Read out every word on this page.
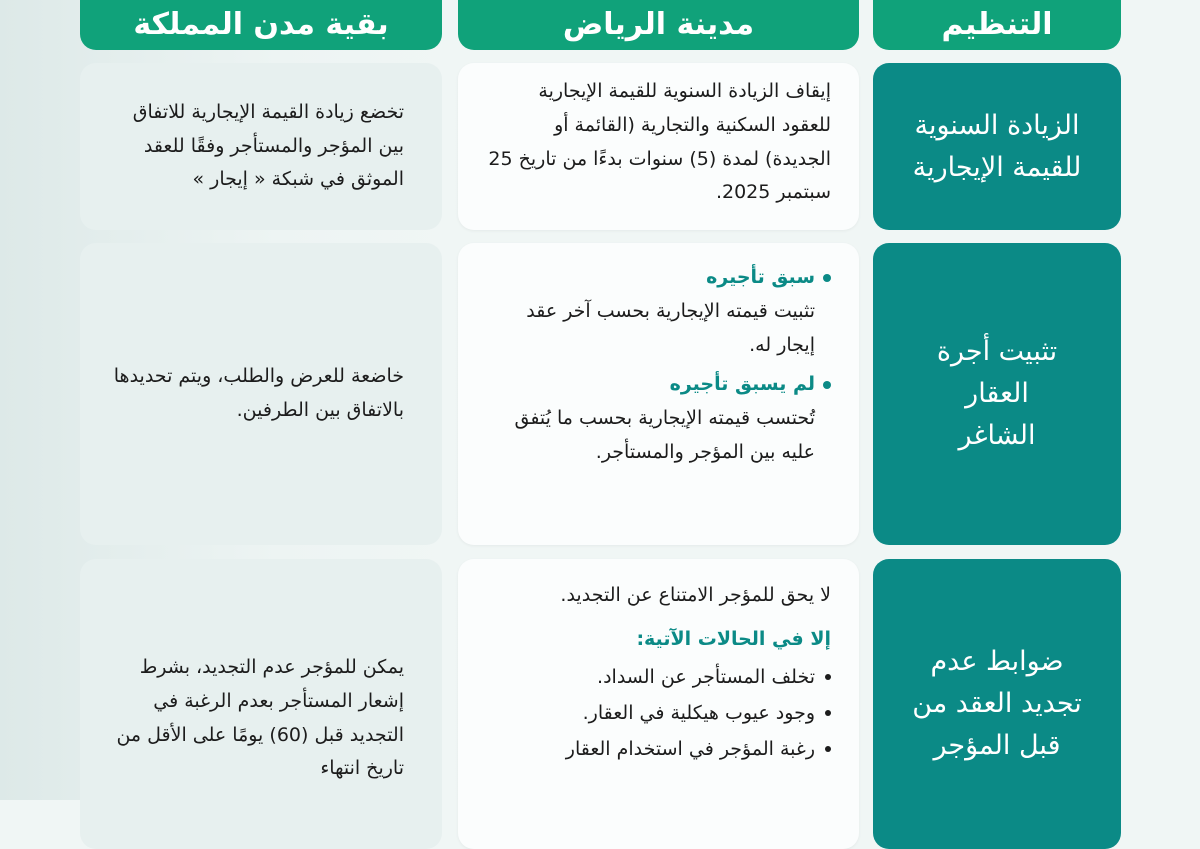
التنظيم
مدينة الرياض
بقية مدن المملكة
الزيادة السنوية للقيمة الإيجارية
إيقاف الزيادة السنوية للقيمة الإيجارية للعقود السكنية والتجارية (القائمة أو الجديدة) لمدة (5) سنوات بدءًا من تاريخ 25 سبتمبر 2025.
تخضع زيادة القيمة الإيجارية للاتفاق بين المؤجر والمستأجر وفقًا للعقد الموثق في شبكة « إيجار »
تثبيت أجرة العقار الشاغر
سبق تأجيره
تثبيت قيمته الإيجارية بحسب آخر عقد إيجار له.
لم يسبق تأجيره
تُحتسب قيمته الإيجارية بحسب ما يُتفق عليه بين المؤجر والمستأجر.
خاضعة للعرض والطلب، ويتم تحديدها بالاتفاق بين الطرفين.
ضوابط عدم تجديد العقد من قبل المؤجر
لا يحق للمؤجر الامتناع عن التجديد.
إلا في الحالات الآتية:
تخلف المستأجر عن السداد.
وجود عيوب هيكلية في العقار.
رغبة المؤجر في استخدام العقار
يمكن للمؤجر عدم التجديد، بشرط إشعار المستأجر بعدم الرغبة في التجديد قبل (60) يومًا على الأقل من تاريخ انتهاء
